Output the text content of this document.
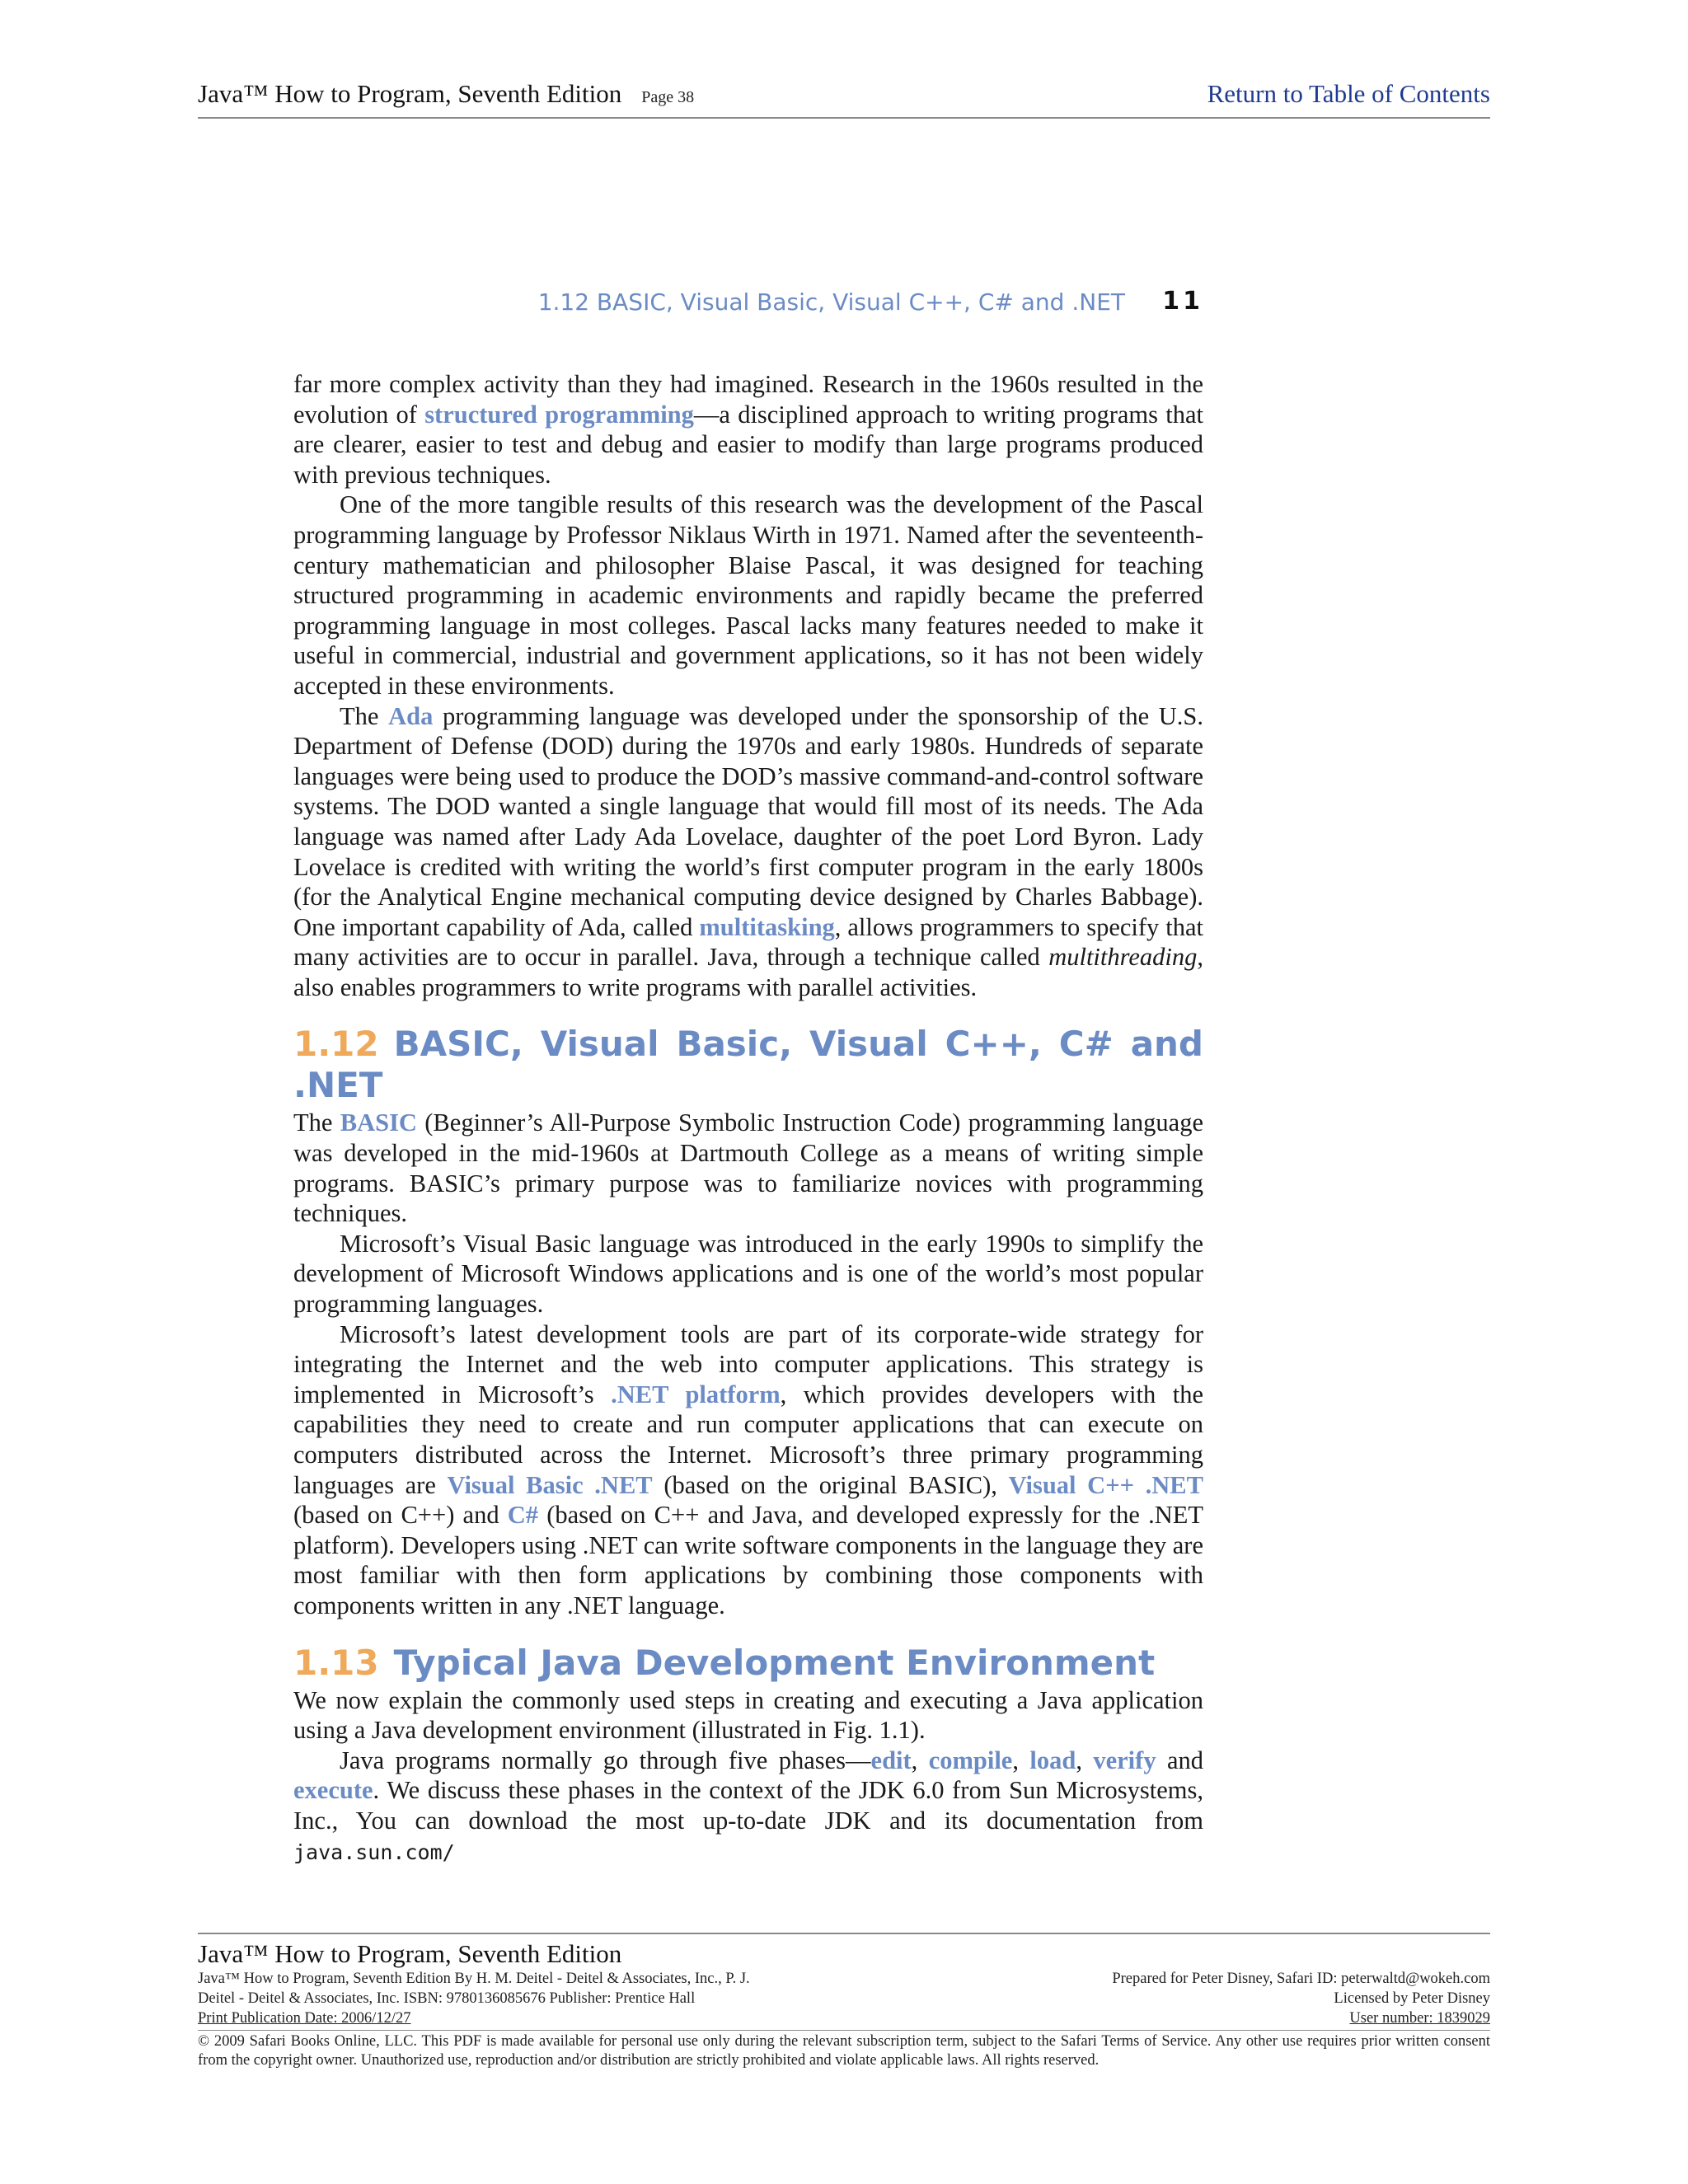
Java™ How to Program, Seventh Edition Page 38	Return to Table of Contents
1.12 BASIC, Visual Basic, Visual C++, C# and .NET 11

far more complex activity than they had imagined. Research in the 1960s resulted in the evolution of structured programming—a disciplined approach to writing programs that are clearer, easier to test and debug and easier to modify than large programs produced with previous techniques.

One of the more tangible results of this research was the development of the Pascal programming language by Professor Niklaus Wirth in 1971. Named after the seventeenth-century mathematician and philosopher Blaise Pascal, it was designed for teaching structured programming in academic environments and rapidly became the preferred programming language in most colleges. Pascal lacks many features needed to make it useful in commercial, industrial and government applications, so it has not been widely accepted in these environments.

The Ada programming language was developed under the sponsorship of the U.S. Department of Defense (DOD) during the 1970s and early 1980s. Hundreds of separate languages were being used to produce the DOD’s massive command-and-control software systems. The DOD wanted a single language that would fill most of its needs. The Ada language was named after Lady Ada Lovelace, daughter of the poet Lord Byron. Lady Lovelace is credited with writing the world’s first computer program in the early 1800s (for the Analytical Engine mechanical computing device designed by Charles Babbage). One important capability of Ada, called multitasking, allows programmers to specify that many activities are to occur in parallel. Java, through a technique called multithreading, also enables programmers to write programs with parallel activities.

1.12 BASIC, Visual Basic, Visual C++, C# and .NET

The BASIC (Beginner’s All-Purpose Symbolic Instruction Code) programming language was developed in the mid-1960s at Dartmouth College as a means of writing simple programs. BASIC’s primary purpose was to familiarize novices with programming techniques.

Microsoft’s Visual Basic language was introduced in the early 1990s to simplify the development of Microsoft Windows applications and is one of the world’s most popular programming languages.

Microsoft’s latest development tools are part of its corporate-wide strategy for integrating the Internet and the web into computer applications. This strategy is implemented in Microsoft’s .NET platform, which provides developers with the capabilities they need to create and run computer applications that can execute on computers distributed across the Internet. Microsoft’s three primary programming languages are Visual Basic .NET (based on the original BASIC), Visual C++ .NET (based on C++) and C# (based on C++ and Java, and developed expressly for the .NET platform). Developers using .NET can write software components in the language they are most familiar with then form applications by combining those components with components written in any .NET language.

1.13 Typical Java Development Environment

We now explain the commonly used steps in creating and executing a Java application using a Java development environment (illustrated in Fig. 1.1).

Java programs normally go through five phases—edit, compile, load, verify and execute. We discuss these phases in the context of the JDK 6.0 from Sun Microsystems, Inc., You can download the most up-to-date JDK and its documentation from java.sun.com/

Java™ How to Program, Seventh Edition
Java™ How to Program, Seventh Edition By H. M. Deitel - Deitel & Associates, Inc., P. J.	Prepared for Peter Disney, Safari ID: peterwaltd@wokeh.com
Deitel - Deitel & Associates, Inc. ISBN: 9780136085676 Publisher: Prentice Hall	Licensed by Peter Disney
Print Publication Date: 2006/12/27	User number: 1839029
© 2009 Safari Books Online, LLC. This PDF is made available for personal use only during the relevant subscription term, subject to the Safari Terms of Service. Any other use requires prior written consent from the copyright owner. Unauthorized use, reproduction and/or distribution are strictly prohibited and violate applicable laws. All rights reserved.
